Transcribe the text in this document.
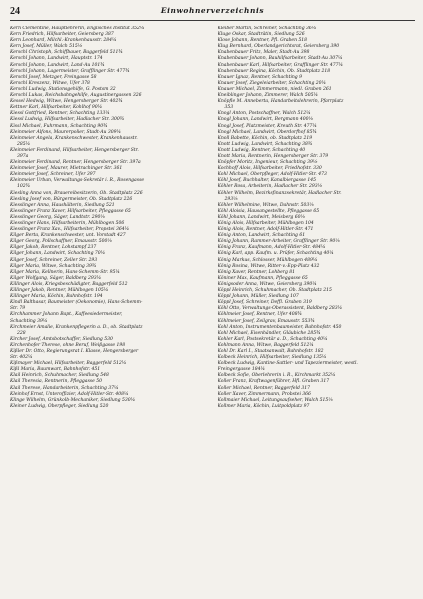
24	Einwohnerverzeichnis
Kern Clementine, Hauptlehrerin, Englisches Institut 352¼
Kern Friedrich, Hilfsarbeiter, Geiersberg 387
Kern Leonhard, Milchl.-Krankenhausstr. 284¼
Kern Josef, Müller, Walch 515⅛
Kerschl Christoph, Schiffbauer, Baggerfeld 511¾
Kerschl Johann, Landwirt, Hauptstr. 174
Kerschl Johann, Landwirt, Land-Au 101¾
Kerschl Johann, Lagermeister, Grafflinger Str. 477¾
Kerschl Josef, Metzger, Freingasse 58
Kerschl Kreszenz, Witwe, Ufer 378
Kerschl Ludwig, Stationsgehilfe, G. Postsm 32
Kerschl Lukas, Reichsbahngehilfe, Augustinergassen 326
Kessel Hedwig, Witwe, Hengersberger Str. 402¾
Kettner Karl, Hilfsarbeiter, Kohlhof 90¼
Kiessl Gottfried, Rentner, Schachting 133¼
Kiessl Ludwig, Hilfsarbeiter, Hadlacher Str. 300¾
Kissl Michael, Fuhrmann, Schachting 90¾
Kleinmeier Alfons, Maurerpolier, Stadt-Au 309¼
Kleinmeier Angela, Krankenschwester, Krankenhausstr.
285¼
Kleinmeier Ferdinand, Hilfsarbeiter, Hengersberger Str.
397a
Kleinmeier Ferdinand, Rentner, Hengersberger Str. 397a
Kleinmeier Josef, Maurer, Mietrachinger Str. 361
Kleinmeier Josef, Schreiner, Ufer 397
Kleinmeier Urban, Verwaltungs-Sekretär i. R., Rosengasse
102¾
Kiesling Anna von, Brauereibesitzerin, Ob. Stadtplatz 226
Kiesling Josef von, Bürgermeister, Ob. Stadtplatz 226
Kiesslinger Anna, Haushälterin, Siedlung 521
Kiesslinger Franz Xaver, Hilfsarbeiter, Pfleggasse 65
Kiesslinger Georg, Säger, Landtstr. 290⅛
Kiesslinger Hans, Hilfsarbeiterin, Mühlbogen 506
Kiesslinger Franz Xav., Hilfsarbeiter, Propstei 364¼
Kilger Berta, Krankenschwester, unt. Vorstadt 427
Kilger Georg, Pollschaffner, Emausstr. 500⅛
Kilger Jakob, Rentner, Lohstampf 237
Kilger Johann, Landwirt, Schachting 70¼
Kilger Josef, Schreiner, Zeller Str. 293
Kilger Maria, Witwe, Schachting 39¾
Kilger Maria, Kellnerin, Hans-Schemm-Str. 95¼
Kilger Wolfgang, Säger, Baldberg 293¼
Killinger Alois, Kriegsbeschädigter, Baggerfeld 512
Killinger Jakob, Rentner, Mühlbogen 105¼
Killinger Maria, Köchin, Bahnhofstr. 194
Kindl Balthasar, Baumeister (Oekonomie), Hans-Schemm-
Str. 79
Kirchhammer Johann Bapt., Kaffeesiedermeister,
Schachting 39¼
Kirchmeier Amalie, Krankenpflegerin a. D., ob. Stadtplatz
228
Kircher Josef, Amtsbotschaffer, Siedlung 530
Kirchenhofer Therese, ohne Beruf, Weißgasse 198
Kißler Dr. Otto, Regierungsrat I. Klasse, Hengersberger
Str. 402¼
Kißmayer Michael, Hilfsarbeiter, Baggerfeld 512¼
Kißl Maria, Baumwart, Bahnhofstr. 451
Klail Heinrich, Schuhmacher, Siedlung 548
Klail Theresia, Rentnerin, Pfleggasse 50
Klail Therese, Handarbeiterin, Schachting 37¼
Kleinhof Ernst, Unteroffizier, Adolf-Hitler-Str. 408¼
Klinge Wilhelm, Grünkolb-Mechaniker, Siedlung 530¼
Kleiner Ludwig, Oberpfleger, Siedlung 520
Kleiber Martin, Schreiner, Schachting 36¼
Kluge Oskar, Stadträtin, Siedlung 526
Klose Johann, Rentner, Pfl. Graben 518
Klug Bernhard, Oberlandgerichtsrat, Geiersberg 390
Knabenbauer Fritz, Maler, Stadt-Au 398
Knabenbauer Johann, Bauhilfsarbeiter, Stadt-Au 307¼
Knabenbauer Karl, Hilfsarbeiter, Grafflinger Str. 477¼
Knabenbauer Regina, Köchin, Ob. Stadtplatz 218
Knauer Ignaz, Rentner, Schachting 9
Knauer Josef, Ziegeleiarbeiter, Schachting 20¼
Knauer Michael, Zimmermann, niedl. Graben 261
Kneiblinger Johann, Zimmerer, Walch 505¼
Knöpfle M. Anneberta, Handarbeitslehrerin, Pfarrplatz
353
Knogl Anton, Postschaffner, Walch 512¼
Knogl Johann, Landwirt, Bergmann 400⅛
Knogl Josef, Platzmeister, Kreuth Str. 477¼
Knogl Michael, Landwirt, Oberdorfhof 85¾
Knoll Babette, Köchin, ob. Stadtplatz 219
Knott Ludwig, Landwirt, Schachting 38¾
Knott Ludwig, Rentner, Schachting 40
Knott Maria, Rentnerin, Hengersberger Str. 379
Knöpfer Moritz, Ingenieur, Schachting 39⅛
Kochhoff Alois, Hilfsarbeiter, Friedhofstr. 330
Kohl Michael, Oberpfleger, Adolf-Hitler-Str. 473
Köhl Josef, Buchhalter, Kanalbiergasse 145
Köhler Rosa, Arbeiterin, Hadlacher Str. 293⅛
Köhler Wilhelm, Bezirksfinanzsekretär, Hadlacher Str.
293⅛
Köhler Wilhelmine, Witwe, Dahnstr. 503⅛
Köhl Aloisia, Hausangestellte, Pfleggasse 65
Köhl Johann, Landwirt, Meisberg 60⅛
König Alois, Hilfsarbeiter, Mühlbogen 104
König Alois, Rentner, Adolf-Hitler-Str. 471
König Anton, Landwirt, Schachting 61
König Johann, Rammer-Arbeiter, Grafflinger Str. 90⅛
König Franz, Kaufmann, Adolf-Hitler-Str. 484¼
König Karl, app. Kaufm. u. Prüfer, Schachting 40¼
König Markus, Schlosser, Mühlbogen 489¼
König Rosina, Witwe, Ritter-v.-Epp-Platz 432
König Xaver, Rentner, Lohberg 81
Köniner Max, Kaufmann, Pfleggasse 65
Königsoder Anna, Witwe, Geiersberg 390¼
Köppl Heinrich, Schuhmacher, Ob. Stadtplatz 215
Köppl Johann, Müller, Siedlung 107
Köppl Josef, Schreiner, Deffl. Graben 319
Köhl Otto, Verwaltungs-Oberassistent, Baldberg 283¼
Köhlmeier Josef, Rentner, Ufer 408¾
Köhlmeier Josef, Zeilgrav, Emausstr. 553¾
Kohl Anton, Instrumentenbaumeister, Bahnhofstr. 450
Kohl Michael, Eisenhändler, Gläubiche 285¾
Kohler Karl, Postsekretär a. D., Schachting 40¼
Kohlmann Anna, Witwe, Baggerfeld 512¼
Kohl Dr. Karl I., Staatsanwalt, Bahnhofstr. 182
Kolbeck Heinrich, Hilfsarbeiter, Siedlung 135¼
Kolbeck Ludwig, Kantine-Sattler- und Tapeziermeister, westl.
Freingergasse 184¼
Kolbeck Sofie, Oberlehrerin i. R., Kirchmarkt 352¼
Koller Franz, Kraftwagenführer, Hfl. Graben 317
Koller Michael, Rentner, Baggerfeld 317
Koller Xaver, Zimmermann, Probstei 366
Kollmaier Michael, Leitungsaufseher, Walch 515⅛
Kollmer Maria, Köchin, Luitpoldplatz 97
